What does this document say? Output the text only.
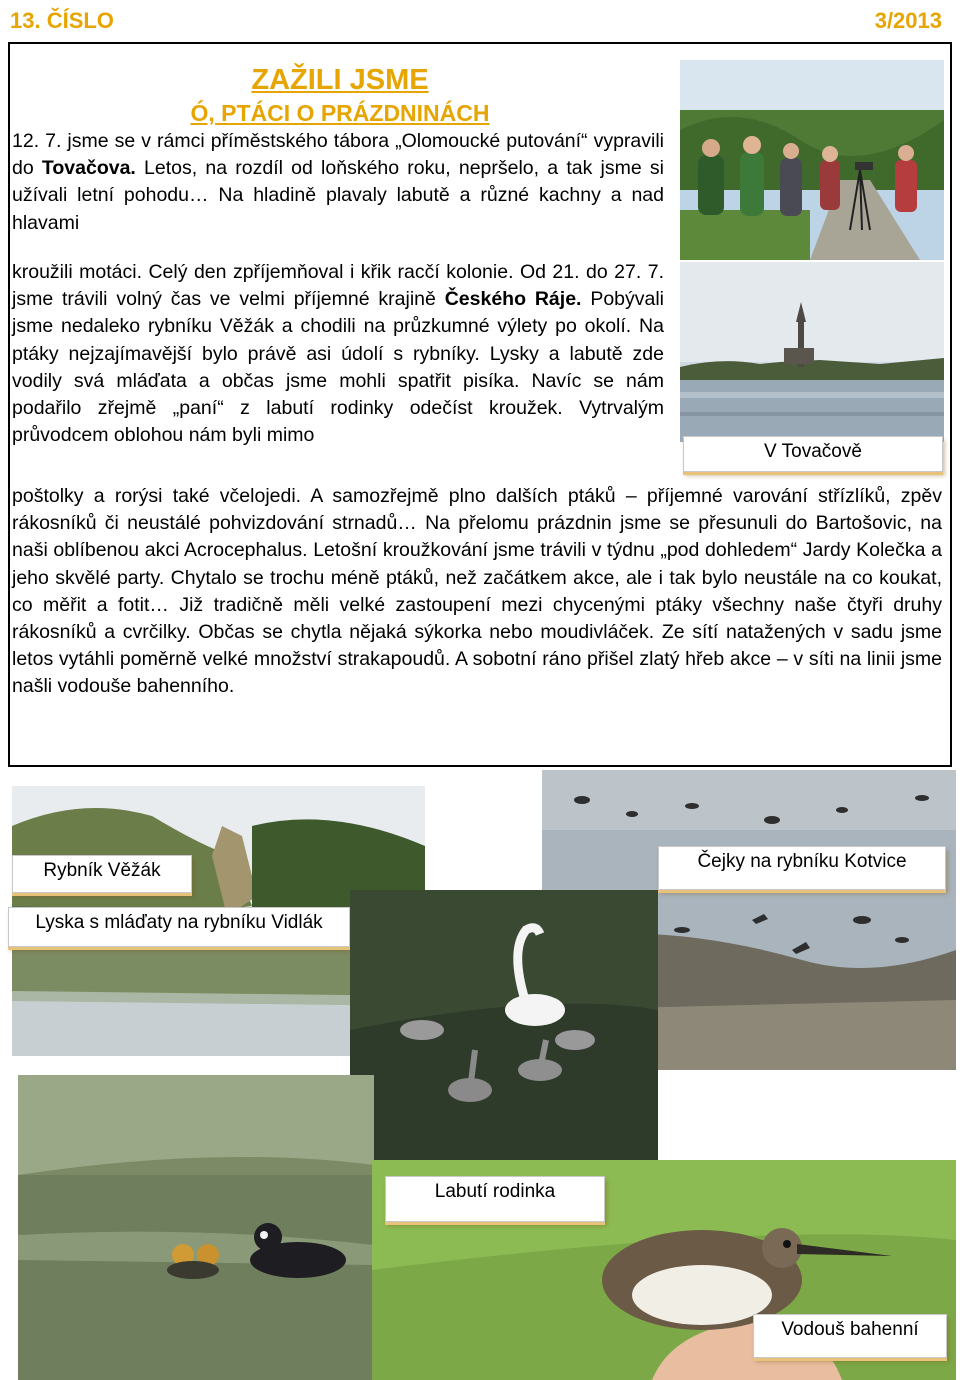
13. ČÍSLO	3/2013
ZAŽILI JSME
Ó, PTÁCI O PRÁZDNINÁCH
12. 7. jsme se v rámci příměstského tábora „Olomoucké putování“ vypravili do Tovačova. Letos, na rozdíl od loňského roku, nepršelo, a tak jsme si užívali letní pohodu… Na hladině plavaly labutě a různé kachny a nad hlavami
kroužili motáci. Celý den zpříjemňoval i křik racčí kolonie. Od 21. do 27. 7. jsme trávili volný čas ve velmi příjemné krajině Českého Ráje. Pobývali jsme nedaleko rybníku Věžák a chodili na průzkumné výlety po okolí. Na ptáky nejzajímavější bylo právě asi údolí s rybníky. Lysky a labutě zde vodily svá mláďata a občas jsme mohli spatřit pisíka. Navíc se nám podařilo zřejmě „paní“ z labutí rodinky odečíst kroužek. Vytrvalým průvodcem oblohou nám byli mimo
poštolky a rorýsi také včelojedi. A samozřejmě plno dalších ptáků – příjemné varování střízlíků, zpěv rákosníků či neustálé pohvizdování strnadů… Na přelomu prázdnin jsme se přesunuli do Bartošovic, na naši oblíbenou akci Acrocephalus. Letošní kroužkování jsme trávili v týdnu „pod dohledem“ Jardy Kolečka a jeho skvělé party. Chytalo se trochu méně ptáků, než začátkem akce, ale i tak bylo neustále na co koukat, co měřit a fotit… Již tradičně měli velké zastoupení mezi chycenými ptáky všechny naše čtyři druhy rákosníků a cvrčilky. Občas se chytla nějaká sýkorka nebo moudivláček. Ze sítí natažených v sadu jsme letos vytáhli poměrně velké množství strakapoudů. A sobotní ráno přišel zlatý hřeb akce – v síti na linii jsme našli vodouše bahenního.
V Tovačově
Rybník Věžák
Lyska s mláďaty na rybníku Vidlák
Čejky na rybníku Kotvice
Labutí rodinka
Vodouš bahenní
